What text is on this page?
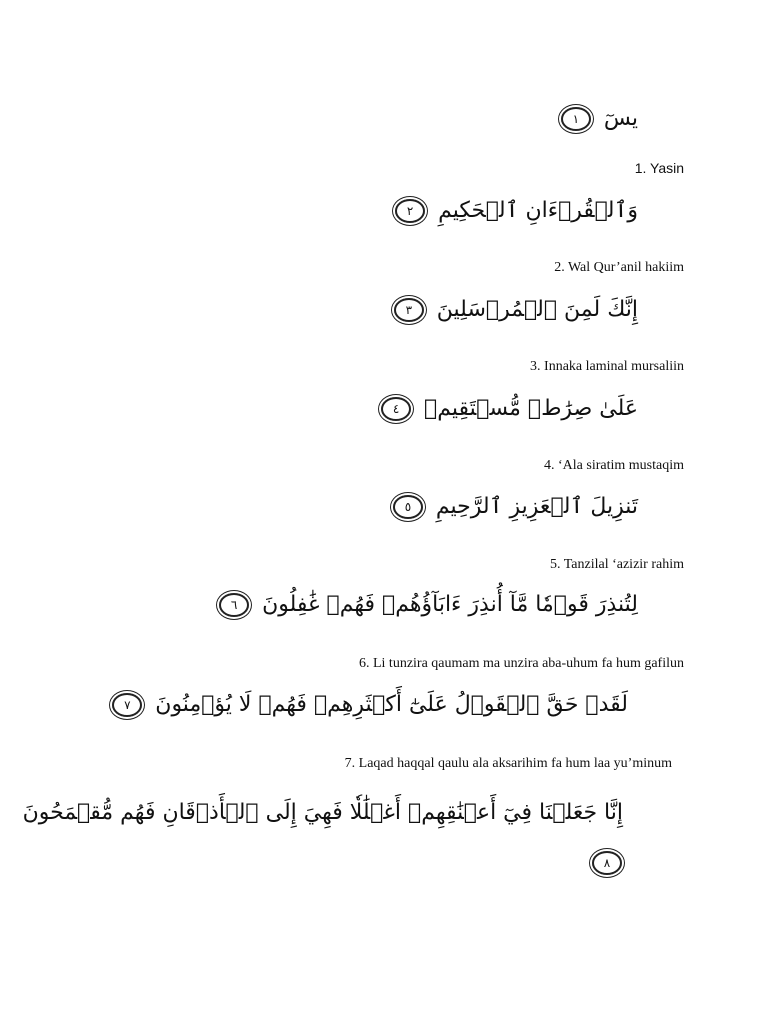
يسٓ ١
1. Yasin
وَٱلۡقُرۡءَانِ ٱلۡحَكِيمِ ٢
2. Wal Qur’anil hakiim
إِنَّكَ لَمِنَ ٱلۡمُرۡسَلِينَ ٣
3. Innaka laminal mursaliin
عَلَىٰ صِرَٰطٖ مُّسۡتَقِيمٖ ٤
4. ‘Ala siratim mustaqim
تَنزِيلَ ٱلۡعَزِيزِ ٱلرَّحِيمِ ٥
5. Tanzilal ‘azizir rahim
لِتُنذِرَ قَوۡمٗا مَّآ أُنذِرَ ءَابَآؤُهُمۡ فَهُمۡ غَٰفِلُونَ ٦
6. Li tunzira qaumam ma unzira aba-uhum fa hum gafilun
لَقَدۡ حَقَّ ٱلۡقَوۡلُ عَلَىٰٓ أَكۡثَرِهِمۡ فَهُمۡ لَا يُؤۡمِنُونَ ٧
7. Laqad haqqal qaulu ala aksarihim fa hum laa yu’minum
إِنَّا جَعَلۡنَا فِيٓ أَعۡنَٰقِهِمۡ أَغۡلَٰلٗا فَهِيَ إِلَى ٱلۡأَذۡقَانِ فَهُم مُّقۡمَحُونَ
٨
